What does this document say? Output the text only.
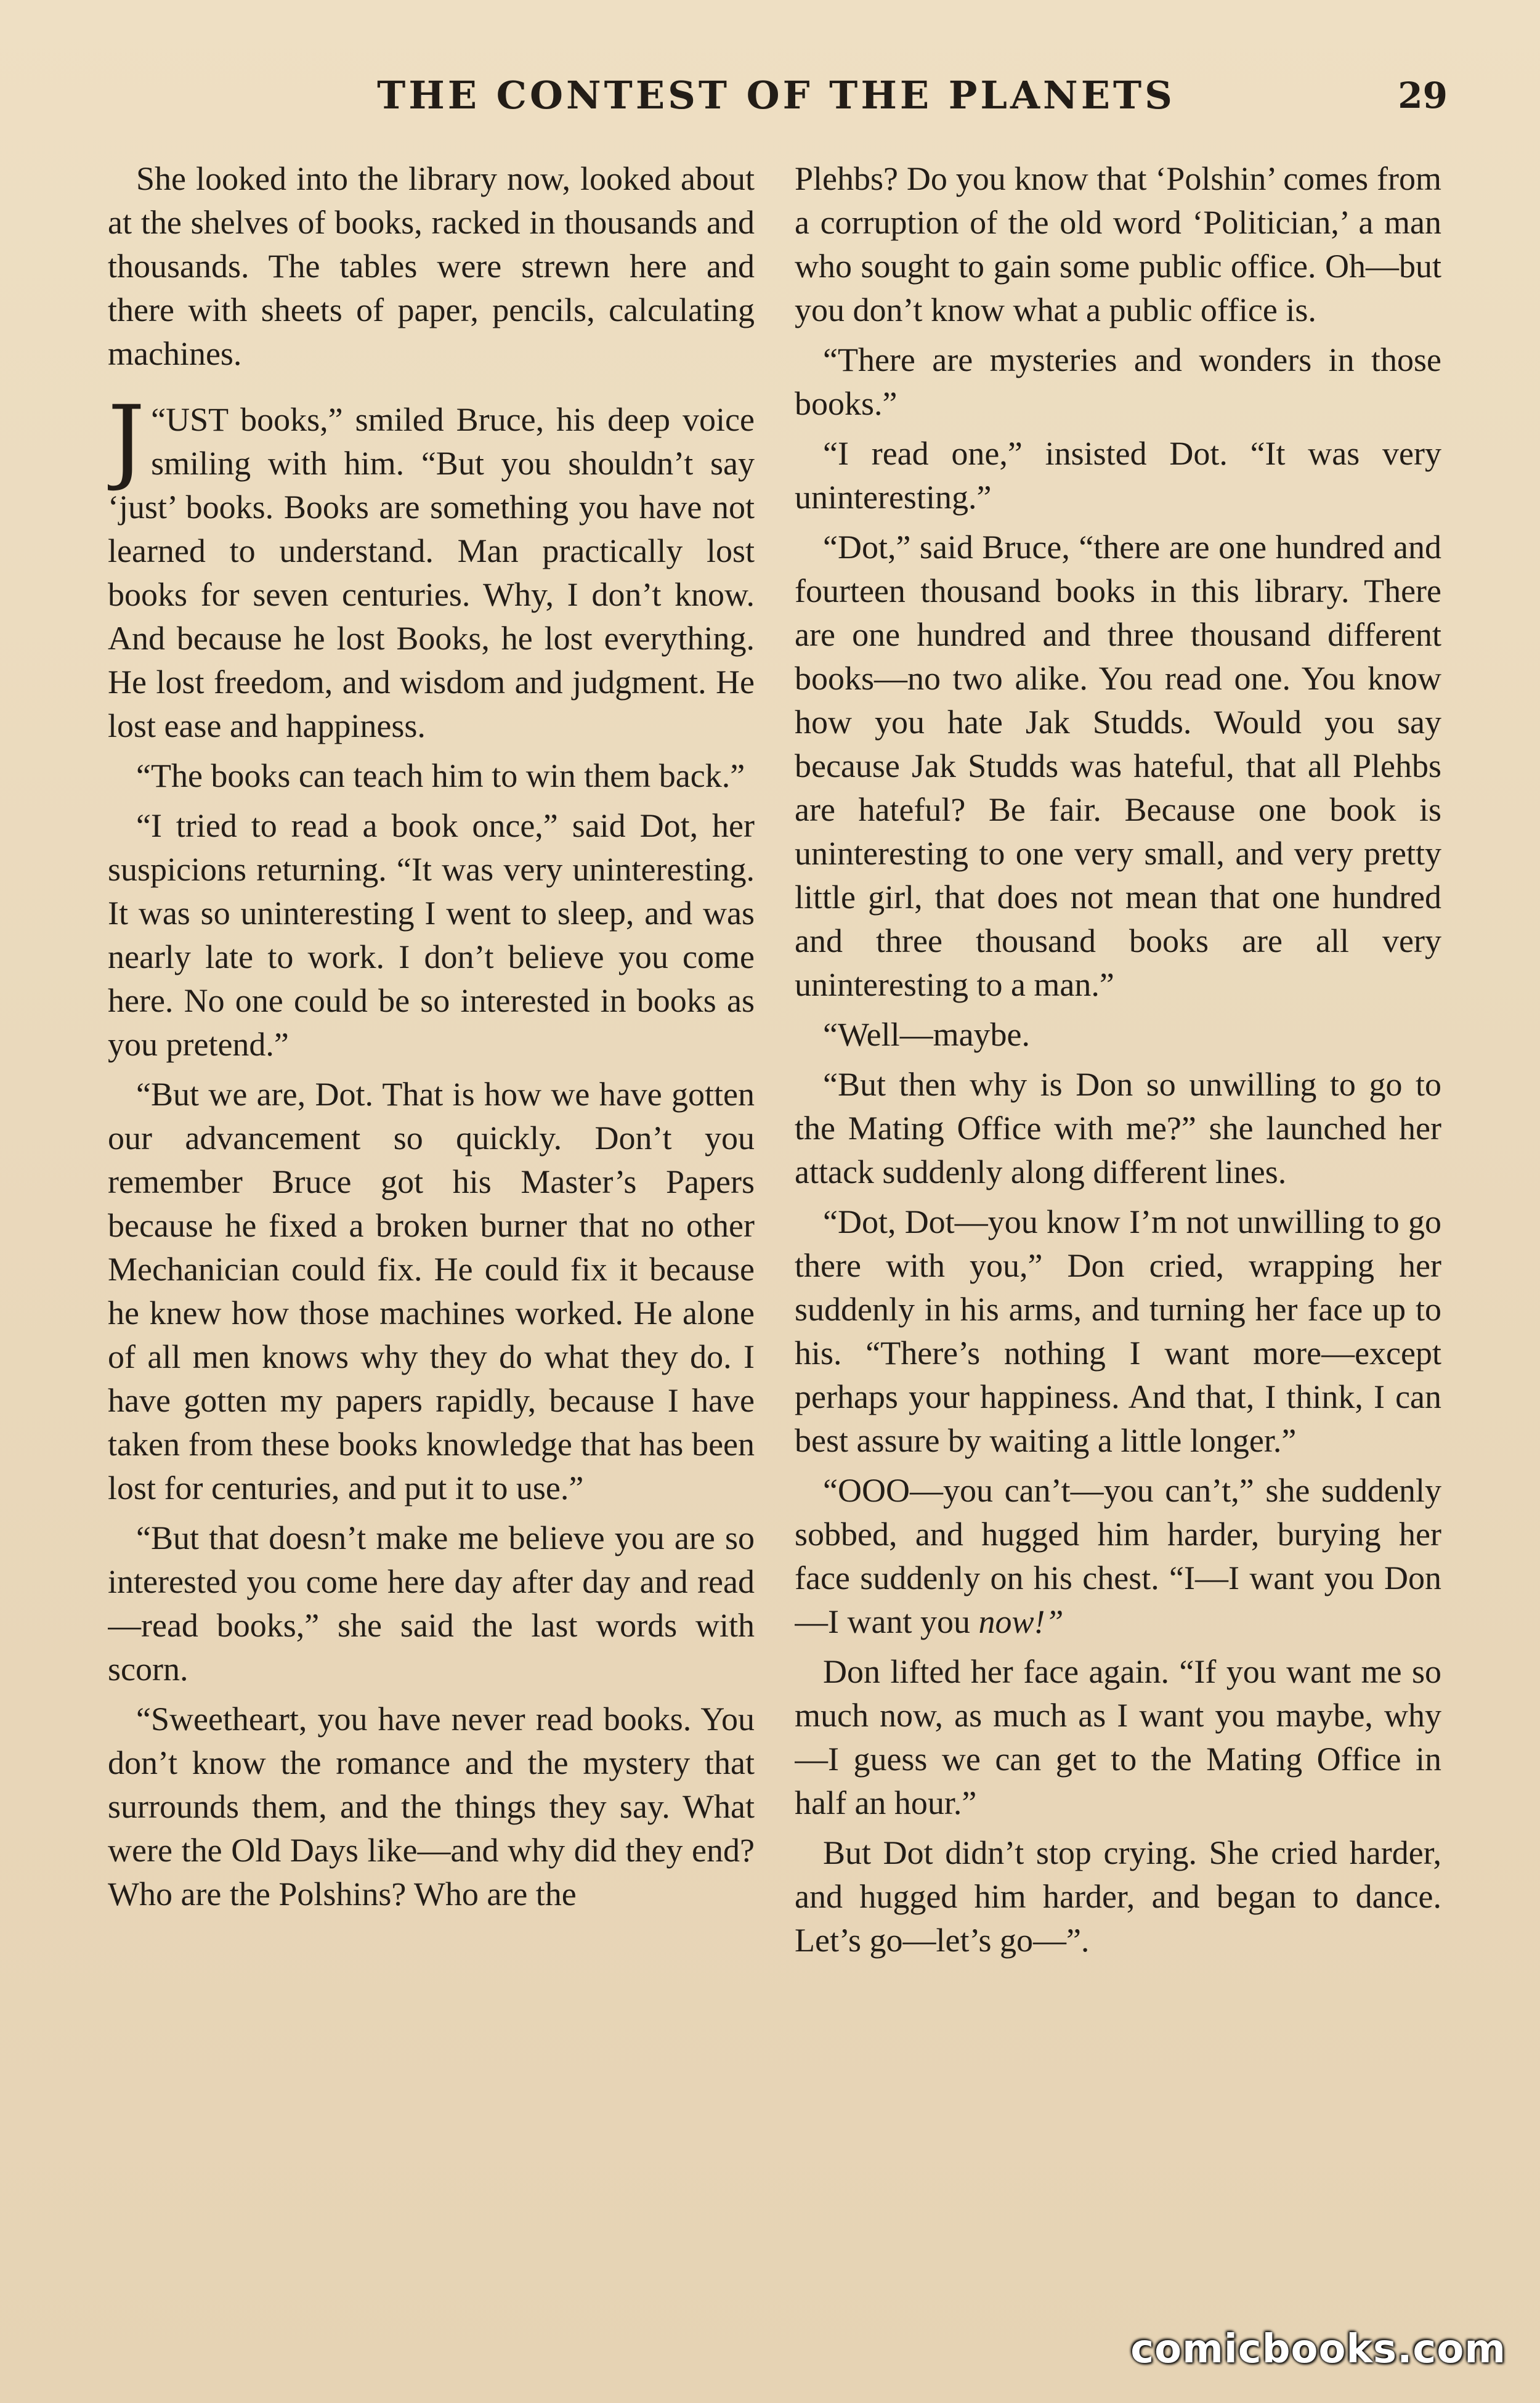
THE CONTEST OF THE PLANETS	29

She looked into the library now, looked about at the shelves of books, racked in thousands and thousands. The tables were strewn here and there with sheets of paper, pencils, calculating machines.

“
J UST books,” smiled Bruce, his deep voice smiling with him. “But you shouldn’t say ‘just’ books. Books are something you have not learned to understand. Man practically lost books for seven centuries. Why, I don’t know. And because he lost Books, he lost everything. He lost freedom, and wisdom and judgment. He lost ease and happiness.

“The books can teach him to win them back.”

“I tried to read a book once,” said Dot, her suspicions returning. “It was very uninteresting. It was so uninteresting I went to sleep, and was nearly late to work. I don’t believe you come here. No one could be so interested in books as you pretend.”

“But we are, Dot. That is how we have gotten our advancement so quickly. Don’t you remember Bruce got his Master’s Papers because he fixed a broken burner that no other Mechanician could fix. He could fix it because he knew how those machines worked. He alone of all men knows why they do what they do. I have gotten my papers rapidly, because I have taken from these books knowledge that has been lost for centuries, and put it to use.”

“But that doesn’t make me believe you are so interested you come here day after day and read—read books,” she said the last words with scorn.

“Sweetheart, you have never read books. You don’t know the romance and the mystery that surrounds them, and the things they say. What were the Old Days like—and why did they end? Who are the Polshins? Who are the

Plehbs? Do you know that ‘Polshin’ comes from a corruption of the old word ‘Politician,’ a man who sought to gain some public office. Oh—but you don’t know what a public office is.

“There are mysteries and wonders in those books.”

“I read one,” insisted Dot. “It was very uninteresting.”

“Dot,” said Bruce, “there are one hundred and fourteen thousand books in this library. There are one hundred and three thousand different books—no two alike. You read one. You know how you hate Jak Studds. Would you say because Jak Studds was hateful, that all Plehbs are hateful? Be fair. Because one book is uninteresting to one very small, and very pretty little girl, that does not mean that one hundred and three thousand books are all very uninteresting to a man.”

“Well—maybe.

“But then why is Don so unwilling to go to the Mating Office with me?” she launched her attack suddenly along different lines.

“Dot, Dot—you know I’m not unwilling to go there with you,” Don cried, wrapping her suddenly in his arms, and turning her face up to his. “There’s nothing I want more—except perhaps your happiness. And that, I think, I can best assure by waiting a little longer.”

“OOO—you can’t—you can’t,” she suddenly sobbed, and hugged him harder, burying her face suddenly on his chest. “I—I want you Don—I want you now!”

Don lifted her face again. “If you want me so much now, as much as I want you maybe, why—I guess we can get to the Mating Office in half an hour.”

But Dot didn’t stop crying. She cried harder, and hugged him harder, and began to dance. Let’s go—let’s go—”.

comicbooks.com
